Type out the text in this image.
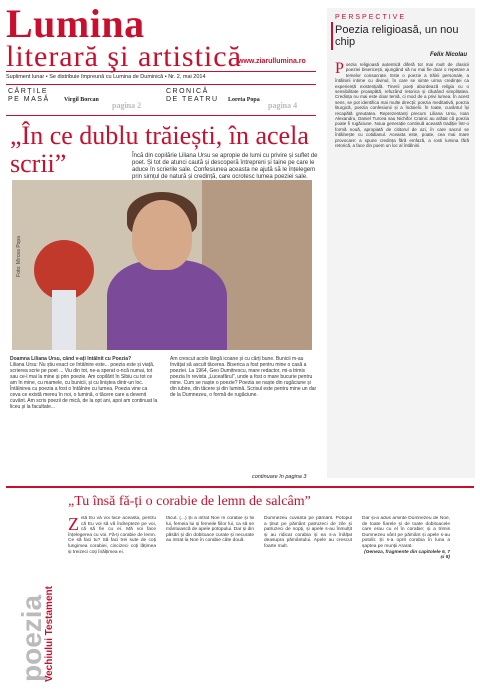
Lumina
literară şi artistică
www.ziarullumina.ro
Supliment lunar • Se distribuie împreună cu Lumina de Duminică • Nr. 2, mai 2014
CĂRȚILE
PE MASĂ Virgil Borcan
pagina 2
CRONICĂ
DE TEATRU Loreta Popa
pagina 4
„În ce dublu trăiești, în acela scrii”	Încă din copilărie Liliana Ursu se apropie de lumi cu privire și suflet de poet. Și tot de atunci caută și descoperă întrepreni și taine pe care le aduce în scrierile sale. Confesiunea aceasta ne ajută să le înțelegem prin simțul de natură și credință, care ocrotesc lumea poeziei sale.
Foto: Mircea Popa
Doamna Liliana Ursu, când v-ați întâlnit cu Poezia?
Liliana Ursu: Nu știu exact ce întâlnire este... poezia este și viață, scrierea scrie pe poet ... Viu din tot, ne-a sperat o-ncă numai, tot sau ce-l mai la mine și prin poezie. Am copilărit în Sibiu cu tot ce am în mine, cu mamele, cu bunicii, și cu liniștea dintr-un loc. Întâlnirea cu poezia a fost o întâlnire cu lumea. Poezia vine ca ceva ce există mereu în noi, o lumină, o tăcere care a devenit cuvânt. Am scris poezii de mică, de la opt ani, apoi am continuat la liceu și la facultate...
Am crescut acolo lângă icoane și cu cărți bune. Bunicii m-au învățat să ascult tăcerea. Biserica a fost pentru mine o casă a poeziei. La 1964, Geo Dumitrescu, mare redactor, mi-a trimis poezia în revista „Luceafărul”, unde a fost o mare bucurie pentru mine. Cum se naște o poezie? Poezia se naște din rugăciune și din iubire, din tăcere și din lumină. Scrisul este pentru mine un dar de la Dumnezeu, o formă de rugăciune.
continuare în pagina 3
PERSPECTIVE
Poezia religioasă, un nou chip
Felix Nicolau
P oezia religioasă autentică diferă tot mai mult de clasicii poeziei bisericești, ajungând să nu mai fie doar o repetare a temelor consacrate. Este o poezie a trăirii personale, a întâlnirii intime cu divinul, în care se simte urma credinței ca experiență existențială. Tinerii poeți abordează religia cu o sensibilitate proaspătă, refuzând retorica și căutând simplitatea. Credința nu mai este doar temă, ci mod de a privi lumea. În acest sens, se pot identifica mai multe direcții: poezia meditativă, poezia liturgică, poezia confesiunii și a îndoielii. În toate, cuvântul își recapătă greutatea. Reprezentanți precum Liliana Ursu, Ioan Alexandru, Daniel Turcea sau Nichifor Crainic au arătat că poezia poate fi rugăciune. Noua generație continuă această tradiție într-o formă nouă, apropiată de cititorul de azi, în care sacrul se întâlnește cu cotidianul. Aceasta este, poate, cea mai mare provocare: a spune credința fără emfază, a rosti lumina fără retorică, a face din poem un loc al întâlnirii.
poezia
Vechiului Testament
„Tu însă fă-ți o corabie de lemn de salcâm”
Z isă Eu vă voi face aceasta, pentru că Eu voi să vă îndrepteze pe voi, că să fie cu ei. Mă voi face înțelegerea cu voi. Fă-ți corabie de lemn. Ce să faci tu? Să faci trei sute de coți lungimea corabiei, cincizeci coți lățimea și treizeci coți înălțimea ei.
făcut. (...) Și a intrat Noe în corabie și fiii lui, femeia lui și femeile fiilor lui, ca să se mântuiască de apele potopului. Dar și din păsări și din dobitoace curate și necurate au intrat la Noe în corabie câte două.
Dumnezeu cuvânta pe pământ. Potopul a ținut pe pământ patruzeci de zile și patruzeci de nopți, și apele s-au înmulțit și au ridicat corabia și ea s-a înălțat deasupra pământului. Apele au crescut foarte mult.
Dar și-a adus aminte Dumnezeu de Noe, de toate fiarele și de toate dobitoacele care erau cu el în corabie; și a trimis Dumnezeu vânt pe pământ și apele s-au potolit. Și s-a oprit corabia în luna a șaptea pe munții Ararat.
(Geneza, fragmente din capitolele 6, 7 și 8)
